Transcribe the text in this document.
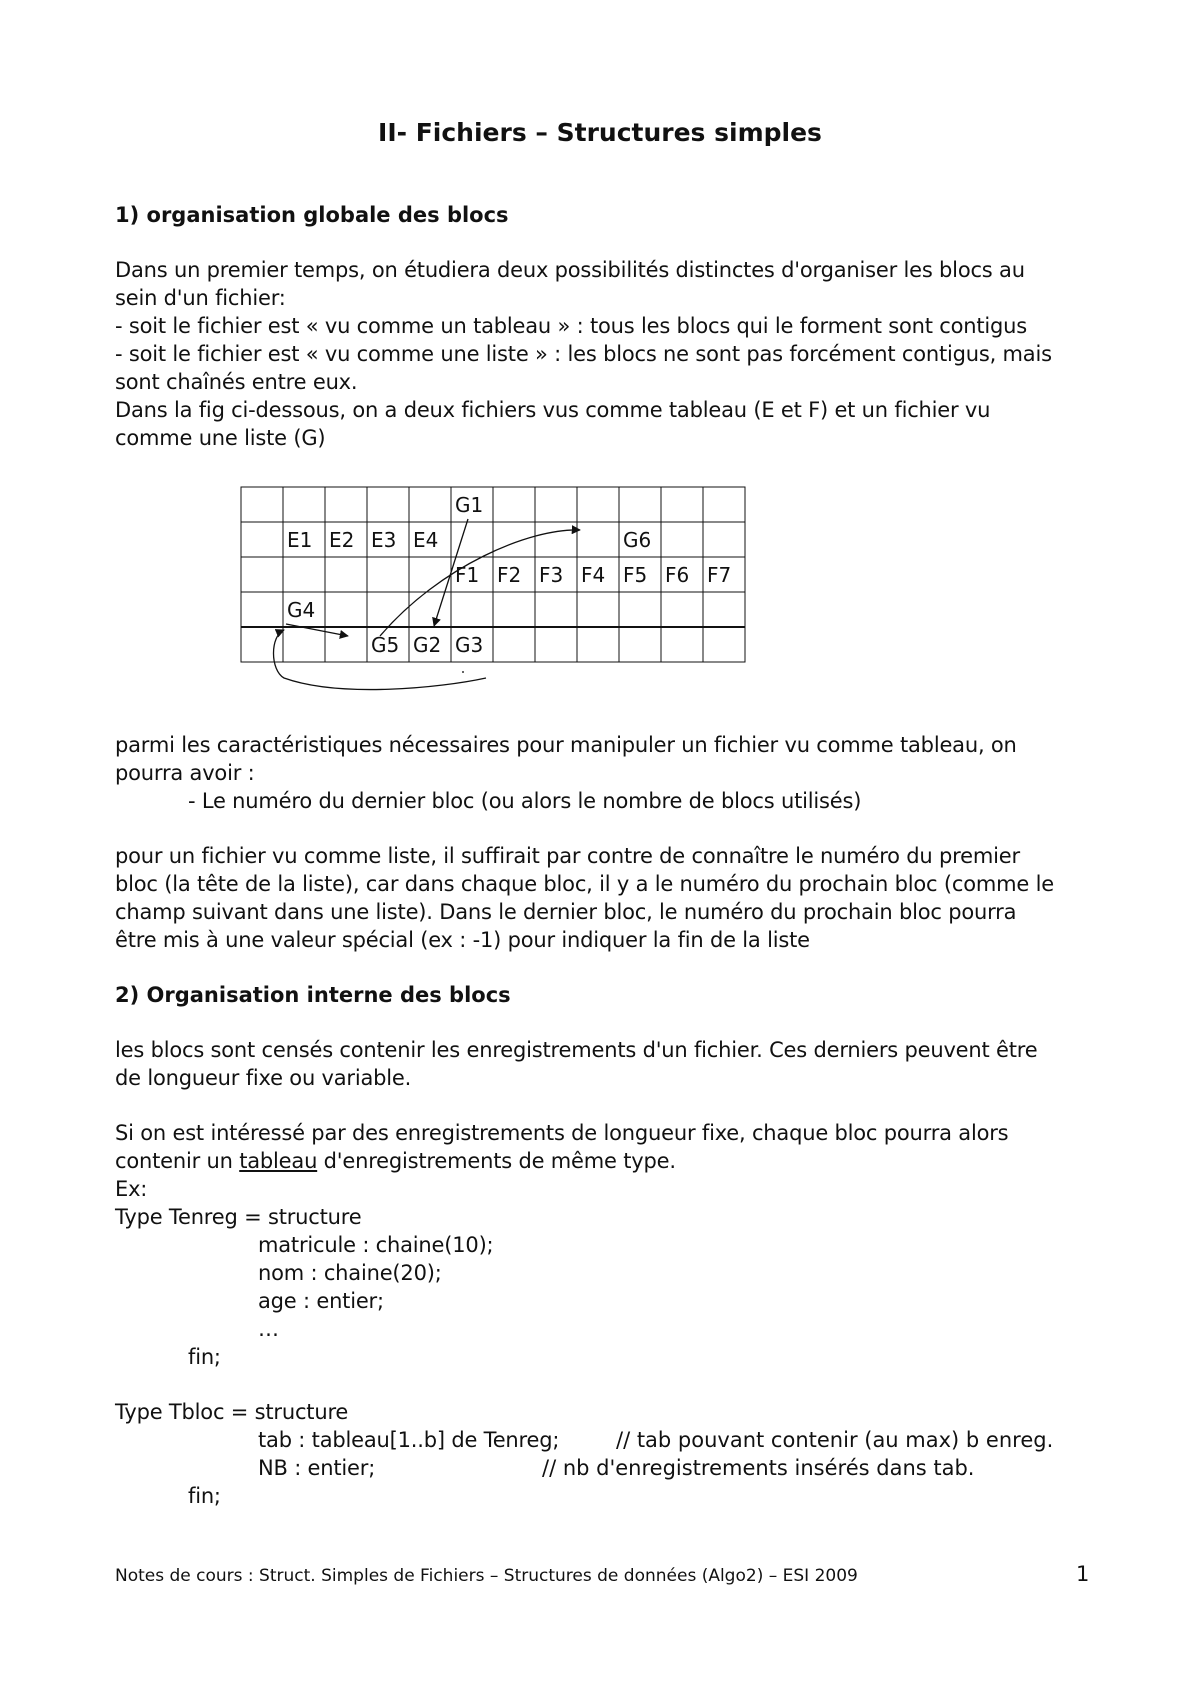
II- Fichiers – Structures simples
1) organisation globale des blocs
Dans un premier temps, on étudiera deux possibilités distinctes d'organiser les blocs au
sein d'un fichier:
- soit le fichier est « vu comme un tableau » : tous les blocs qui le forment sont contigus
- soit le fichier est « vu comme une liste » : les blocs ne sont pas forcément contigus, mais
sont chaînés entre eux.
Dans la fig ci-dessous, on a deux fichiers vus comme tableau (E et F) et un fichier vu
comme une liste (G)
G1
E1 E2 E3 E4	G6
F1 F2 F3 F4 F5 F6 F7
G4
G5 G2 G3
parmi les caractéristiques nécessaires pour manipuler un fichier vu comme tableau, on
pourra avoir :
- Le numéro du dernier bloc (ou alors le nombre de blocs utilisés)
pour un fichier vu comme liste, il suffirait par contre de connaître le numéro du premier
bloc (la tête de la liste), car dans chaque bloc, il y a le numéro du prochain bloc (comme le
champ suivant dans une liste). Dans le dernier bloc, le numéro du prochain bloc pourra
être mis à une valeur spécial (ex : -1) pour indiquer la fin de la liste
2) Organisation interne des blocs
les blocs sont censés contenir les enregistrements d'un fichier. Ces derniers peuvent être
de longueur fixe ou variable.
Si on est intéressé par des enregistrements de longueur fixe, chaque bloc pourra alors
contenir un tableau d'enregistrements de même type.
Ex:
Type Tenreg = structure
matricule : chaine(10);
nom : chaine(20);
age : entier;
…
fin;
Type Tbloc = structure
tab : tableau[1..b] de Tenreg;	// tab pouvant contenir (au max) b enreg.
NB : entier;	// nb d'enregistrements insérés dans tab.
fin;
Notes de cours : Struct. Simples de Fichiers – Structures de données (Algo2) – ESI 2009	1
